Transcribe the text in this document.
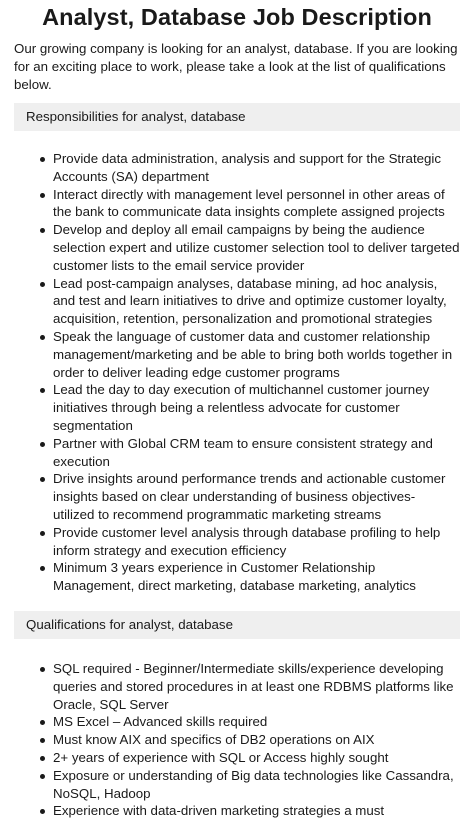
Analyst, Database Job Description

Our growing company is looking for an analyst, database. If you are looking for an exciting place to work, please take a look at the list of qualifications below.

Responsibilities for analyst, database
Provide data administration, analysis and support for the Strategic Accounts (SA) department
Interact directly with management level personnel in other areas of the bank to communicate data insights complete assigned projects
Develop and deploy all email campaigns by being the audience selection expert and utilize customer selection tool to deliver targeted customer lists to the email service provider
Lead post-campaign analyses, database mining, ad hoc analysis, and test and learn initiatives to drive and optimize customer loyalty, acquisition, retention, personalization and promotional strategies
Speak the language of customer data and customer relationship management/marketing and be able to bring both worlds together in order to deliver leading edge customer programs
Lead the day to day execution of multichannel customer journey initiatives through being a relentless advocate for customer segmentation
Partner with Global CRM team to ensure consistent strategy and execution
Drive insights around performance trends and actionable customer insights based on clear understanding of business objectives- utilized to recommend programmatic marketing streams
Provide customer level analysis through database profiling to help inform strategy and execution efficiency
Minimum 3 years experience in Customer Relationship Management, direct marketing, database marketing, analytics
Qualifications for analyst, database
SQL required - Beginner/Intermediate skills/experience developing queries and stored procedures in at least one RDBMS platforms like Oracle, SQL Server
MS Excel – Advanced skills required
Must know AIX and specifics of DB2 operations on AIX
2+ years of experience with SQL or Access highly sought
Exposure or understanding of Big data technologies like Cassandra, NoSQL, Hadoop
Experience with data-driven marketing strategies a must
